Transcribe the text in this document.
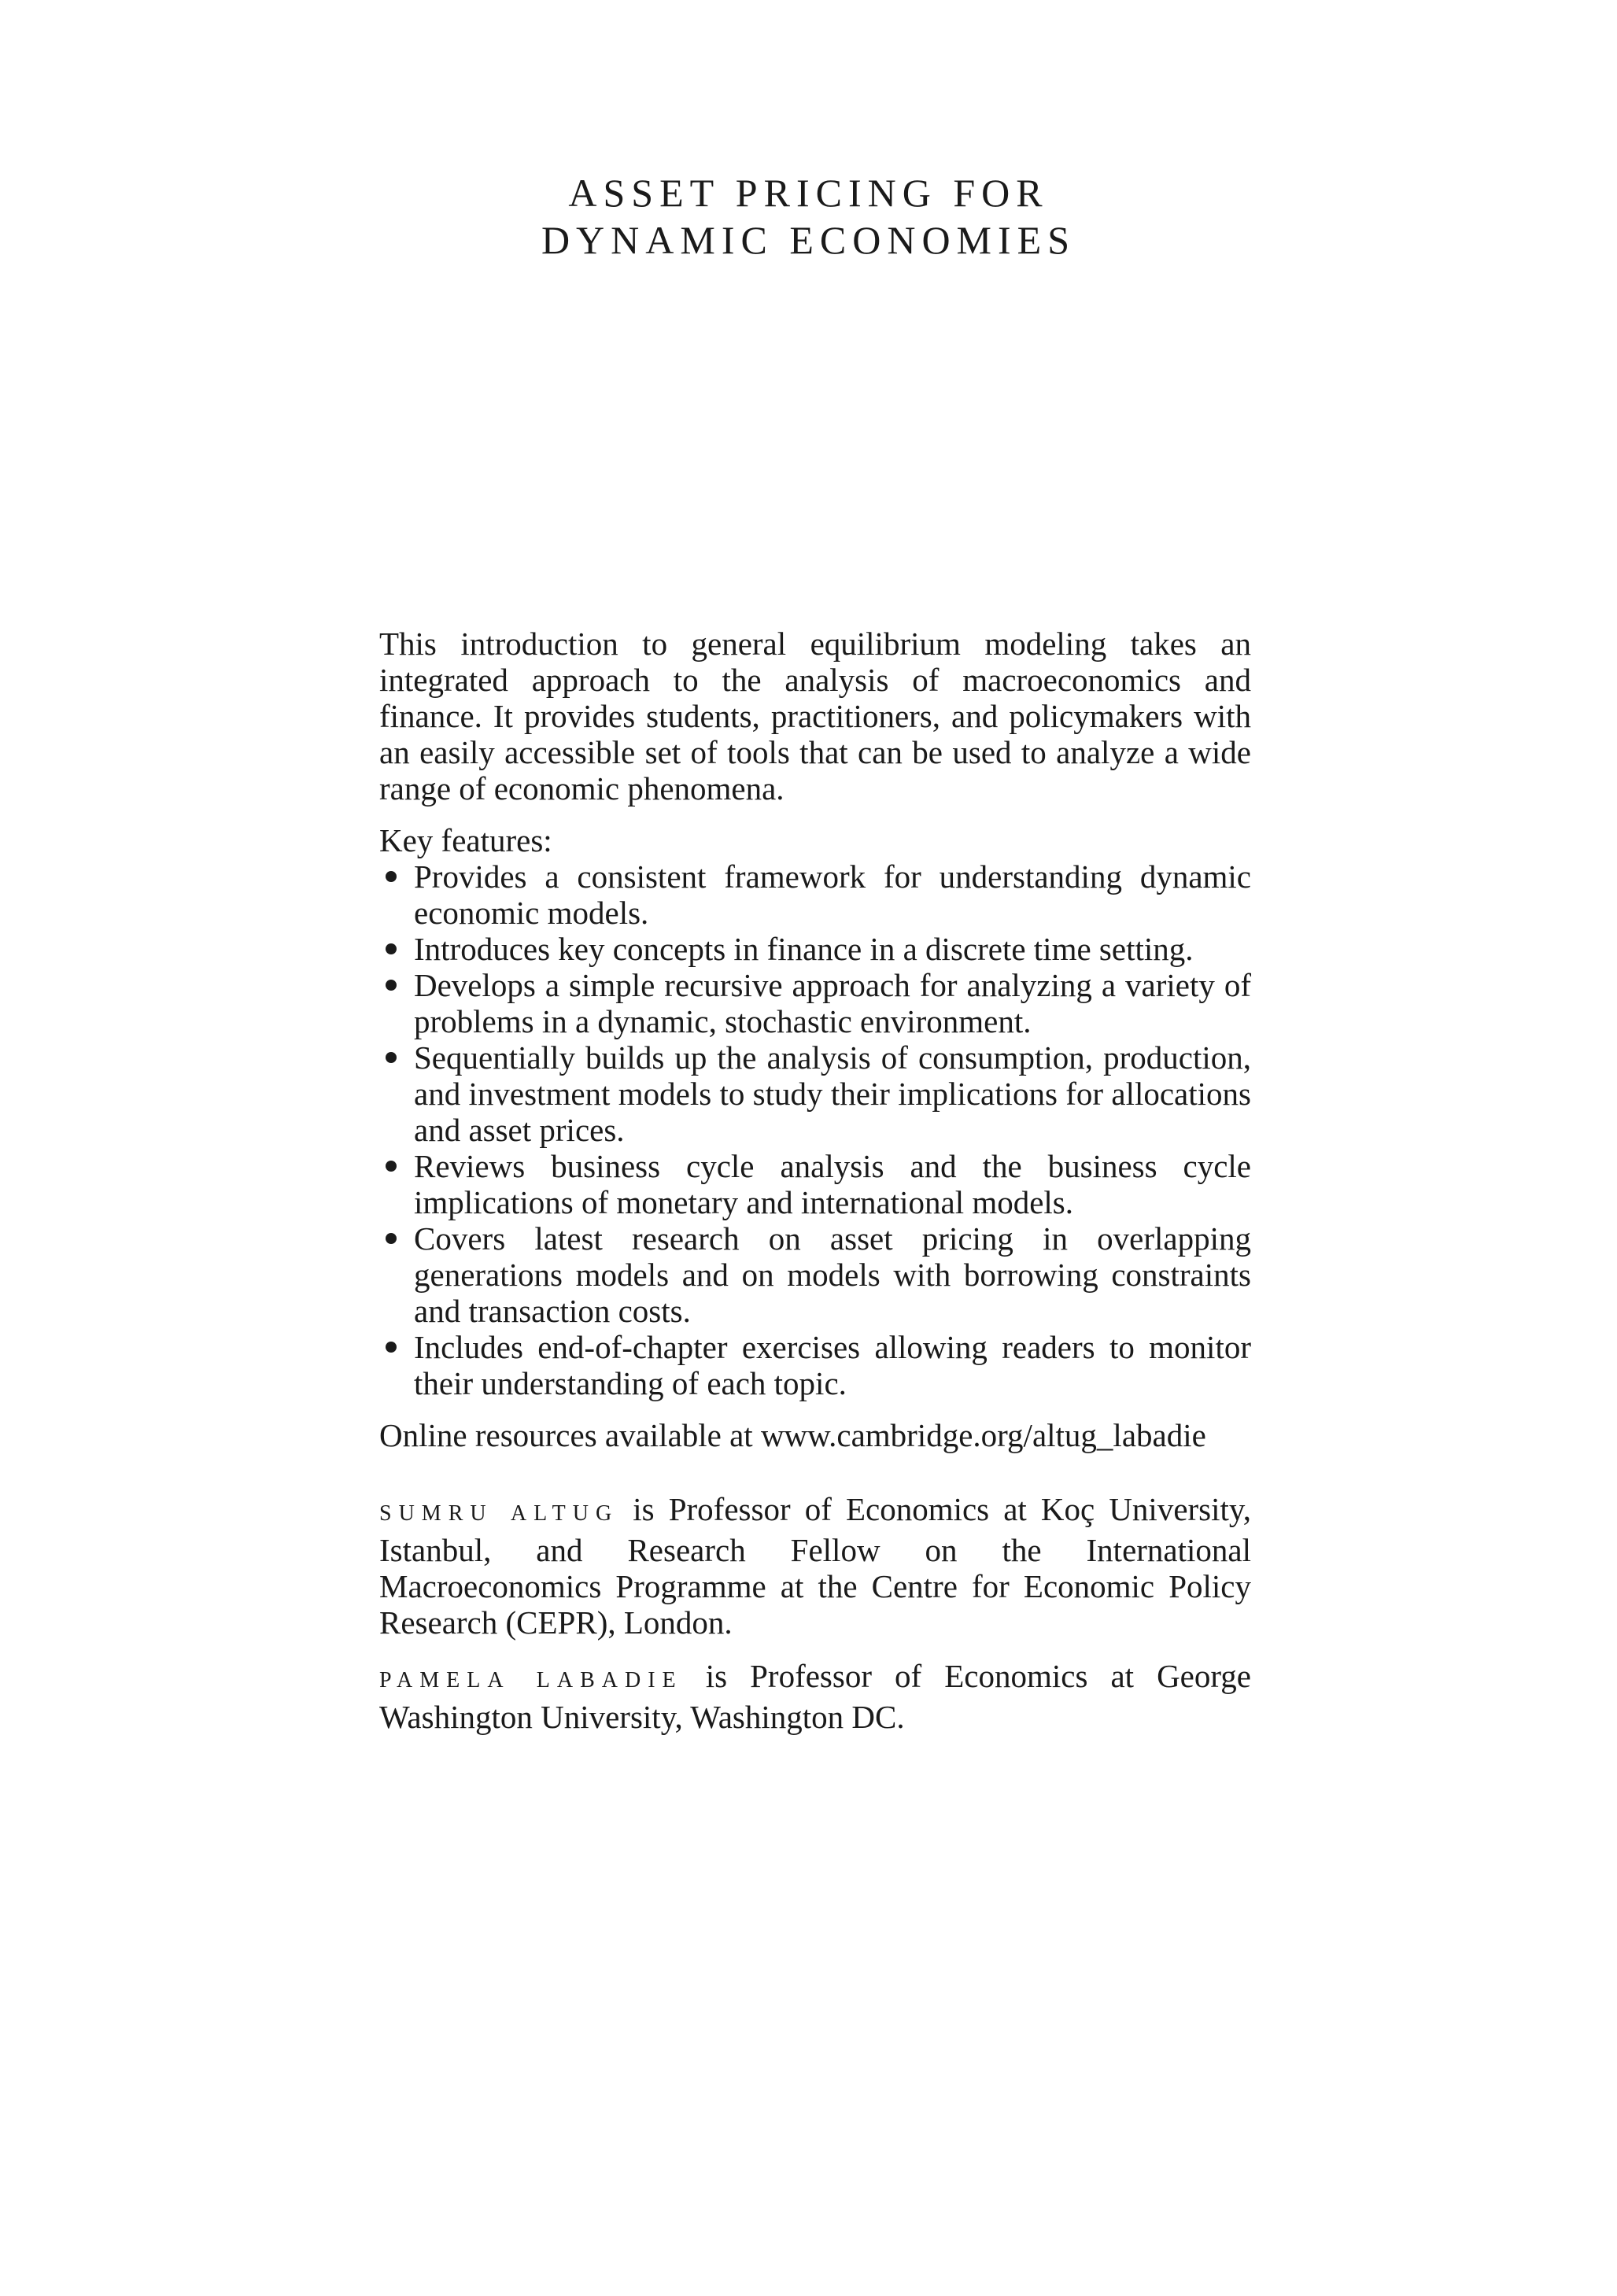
ASSET PRICING FOR
DYNAMIC ECONOMIES

This introduction to general equilibrium modeling takes an integrated approach to the analysis of macroeconomics and finance. It provides students, practitioners, and policymakers with an easily accessible set of tools that can be used to analyze a wide range of economic phenomena.

Key features:

Provides a consistent framework for understanding dynamic economic models.
Introduces key concepts in finance in a discrete time setting.
Develops a simple recursive approach for analyzing a variety of problems in a dynamic, stochastic environment.
Sequentially builds up the analysis of consumption, production, and investment models to study their implications for allocations and asset prices.
Reviews business cycle analysis and the business cycle implications of monetary and international models.
Covers latest research on asset pricing in overlapping generations models and on models with borrowing constraints and transaction costs.
Includes end-of-chapter exercises allowing readers to monitor their understanding of each topic.

Online resources available at www.cambridge.org/altug_labadie

SUMRU ALTUG is Professor of Economics at Koç University, Istanbul, and Research Fellow on the International Macroeconomics Programme at the Centre for Economic Policy Research (CEPR), London.

PAMELA LABADIE is Professor of Economics at George Washington University, Washington DC.
